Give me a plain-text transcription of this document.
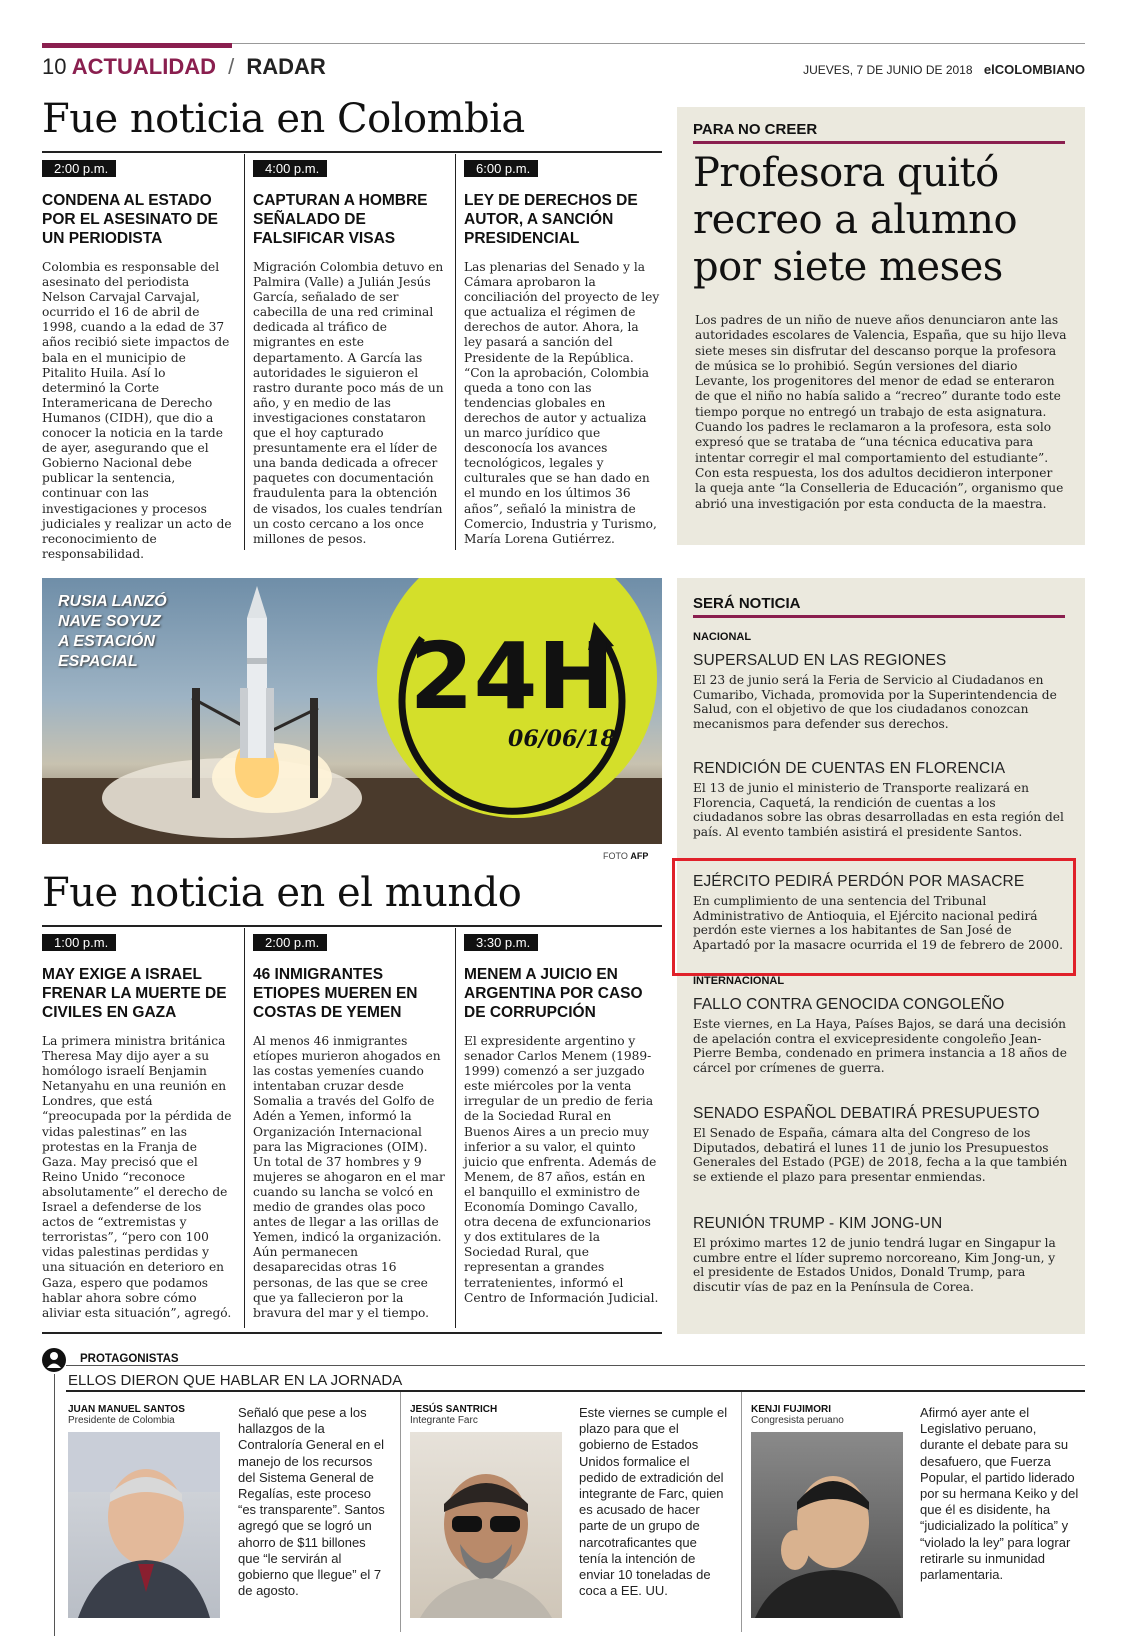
10 ACTUALIDAD / RADAR	JUEVES, 7 DE JUNIO DE 2018 elCOLOMBIANO
Fue noticia en Colombia
2:00 p.m.
CONDENA AL ESTADO POR EL ASESINATO DE UN PERIODISTA
Colombia es responsable del asesinato del periodista Nelson Carvajal Carvajal, ocurrido el 16 de abril de 1998, cuando a la edad de 37 años recibió siete impactos de bala en el municipio de Pitalito Huila. Así lo determinó la Corte Interamericana de Derecho Humanos (CIDH), que dio a conocer la noticia en la tarde de ayer, asegurando que el Gobierno Nacional debe publicar la sentencia, continuar con las investigaciones y procesos judiciales y realizar un acto de reconocimiento de responsabilidad.
4:00 p.m.
CAPTURAN A HOMBRE SEÑALADO DE FALSIFICAR VISAS
Migración Colombia detuvo en Palmira (Valle) a Julián Jesús García, señalado de ser cabecilla de una red criminal dedicada al tráfico de migrantes en este departamento. A García las autoridades le siguieron el rastro durante poco más de un año, y en medio de las investigaciones constataron que el hoy capturado presuntamente era el líder de una banda dedicada a ofrecer paquetes con documentación fraudulenta para la obtención de visados, los cuales tendrían un costo cercano a los once millones de pesos.
6:00 p.m.
LEY DE DERECHOS DE AUTOR, A SANCIÓN PRESIDENCIAL
Las plenarias del Senado y la Cámara aprobaron la conciliación del proyecto de ley que actualiza el régimen de derechos de autor. Ahora, la ley pasará a sanción del Presidente de la República. “Con la aprobación, Colombia queda a tono con las tendencias globales en derechos de autor y actualiza un marco jurídico que desconocía los avances tecnológicos, legales y culturales que se han dado en el mundo en los últimos 36 años”, señaló la ministra de Comercio, Industria y Turismo, María Lorena Gutiérrez.
PARA NO CREER
Profesora quitó recreo a alumno por siete meses
Los padres de un niño de nueve años denunciaron ante las autoridades escolares de Valencia, España, que su hijo lleva siete meses sin disfrutar del descanso porque la profesora de música se lo prohibió. Según versiones del diario Levante, los progenitores del menor de edad se enteraron de que el niño no había salido a “recreo” durante todo este tiempo porque no entregó un trabajo de esta asignatura. Cuando los padres le reclamaron a la profesora, esta solo expresó que se trataba de “una técnica educativa para intentar corregir el mal comportamiento del estudiante”. Con esta respuesta, los dos adultos decidieron interponer la queja ante “la Conselleria de Educación”, organismo que abrió una investigación por esta conducta de la maestra.
24H
06/06/18
RUSIA LANZÓ
NAVE SOYUZ
A ESTACIÓN
ESPACIAL
FOTO AFP
SERÁ NOTICIA
NACIONAL
SUPERSALUD EN LAS REGIONES
El 23 de junio será la Feria de Servicio al Ciudadanos en Cumaribo, Vichada, promovida por la Superintendencia de Salud, con el objetivo de que los ciudadanos conozcan mecanismos para defender sus derechos.
RENDICIÓN DE CUENTAS EN FLORENCIA
El 13 de junio el ministerio de Transporte realizará en Florencia, Caquetá, la rendición de cuentas a los ciudadanos sobre las obras desarrolladas en esta región del país. Al evento también asistirá el presidente Santos.
EJÉRCITO PEDIRÁ PERDÓN POR MASACRE
En cumplimiento de una sentencia del Tribunal Administrativo de Antioquia, el Ejército nacional pedirá perdón este viernes a los habitantes de San José de Apartadó por la masacre ocurrida el 19 de febrero de 2000.
INTERNACIONAL
FALLO CONTRA GENOCIDA CONGOLEÑO
Este viernes, en La Haya, Países Bajos, se dará una decisión de apelación contra el exvicepresidente congoleño Jean-Pierre Bemba, condenado en primera instancia a 18 años de cárcel por crímenes de guerra.
SENADO ESPAÑOL DEBATIRÁ PRESUPUESTO
El Senado de España, cámara alta del Congreso de los Diputados, debatirá el lunes 11 de junio los Presupuestos Generales del Estado (PGE) de 2018, fecha a la que también se extiende el plazo para presentar enmiendas.
REUNIÓN TRUMP - KIM JONG-UN
El próximo martes 12 de junio tendrá lugar en Singapur la cumbre entre el líder supremo norcoreano, Kim Jong-un, y el presidente de Estados Unidos, Donald Trump, para discutir vías de paz en la Península de Corea.
Fue noticia en el mundo
1:00 p.m.
MAY EXIGE A ISRAEL FRENAR LA MUERTE DE CIVILES EN GAZA
La primera ministra británica Theresa May dijo ayer a su homólogo israelí Benjamin Netanyahu en una reunión en Londres, que está “preocupada por la pérdida de vidas palestinas” en las protestas en la Franja de Gaza. May precisó que el Reino Unido “reconoce absolutamente” el derecho de Israel a defenderse de los actos de “extremistas y terroristas”, “pero con 100 vidas palestinas perdidas y una situación en deterioro en Gaza, espero que podamos hablar ahora sobre cómo aliviar esta situación”, agregó.
2:00 p.m.
46 INMIGRANTES ETIOPES MUEREN EN COSTAS DE YEMEN
Al menos 46 inmigrantes etíopes murieron ahogados en las costas yemeníes cuando intentaban cruzar desde Somalia a través del Golfo de Adén a Yemen, informó la Organización Internacional para las Migraciones (OIM). Un total de 37 hombres y 9 mujeres se ahogaron en el mar cuando su lancha se volcó en medio de grandes olas poco antes de llegar a las orillas de Yemen, indicó la organización. Aún permanecen desaparecidas otras 16 personas, de las que se cree que ya fallecieron por la bravura del mar y el tiempo.
3:30 p.m.
MENEM A JUICIO EN ARGENTINA POR CASO DE CORRUPCIÓN
El expresidente argentino y senador Carlos Menem (1989-1999) comenzó a ser juzgado este miércoles por la venta irregular de un predio de feria de la Sociedad Rural en Buenos Aires a un precio muy inferior a su valor, el quinto juicio que enfrenta. Además de Menem, de 87 años, están en el banquillo el exministro de Economía Domingo Cavallo, otra decena de exfuncionarios y dos extitulares de la Sociedad Rural, que representan a grandes terratenientes, informó el Centro de Información Judicial.
PROTAGONISTAS
ELLOS DIERON QUE HABLAR EN LA JORNADA
JUAN MANUEL SANTOS
Presidente de Colombia
Señaló que pese a los hallazgos de la Contraloría General en el manejo de los recursos del Sistema General de Regalías, este proceso “es transparente”. Santos agregó que se logró un ahorro de $11 billones que “le servirán al gobierno que llegue” el 7 de agosto.
JESÚS SANTRICH
Integrante Farc
Este viernes se cumple el plazo para que el gobierno de Estados Unidos formalice el pedido de extradición del integrante de Farc, quien es acusado de hacer parte de un grupo de narcotraficantes que tenía la intención de enviar 10 toneladas de coca a EE. UU.
KENJI FUJIMORI
Congresista peruano
Afirmó ayer ante el Legislativo peruano, durante el debate para su desafuero, que Fuerza Popular, el partido liderado por su hermana Keiko y del que él es disidente, ha “judicializado la política” y “violado la ley” para lograr retirarle su inmunidad parlamentaria.
